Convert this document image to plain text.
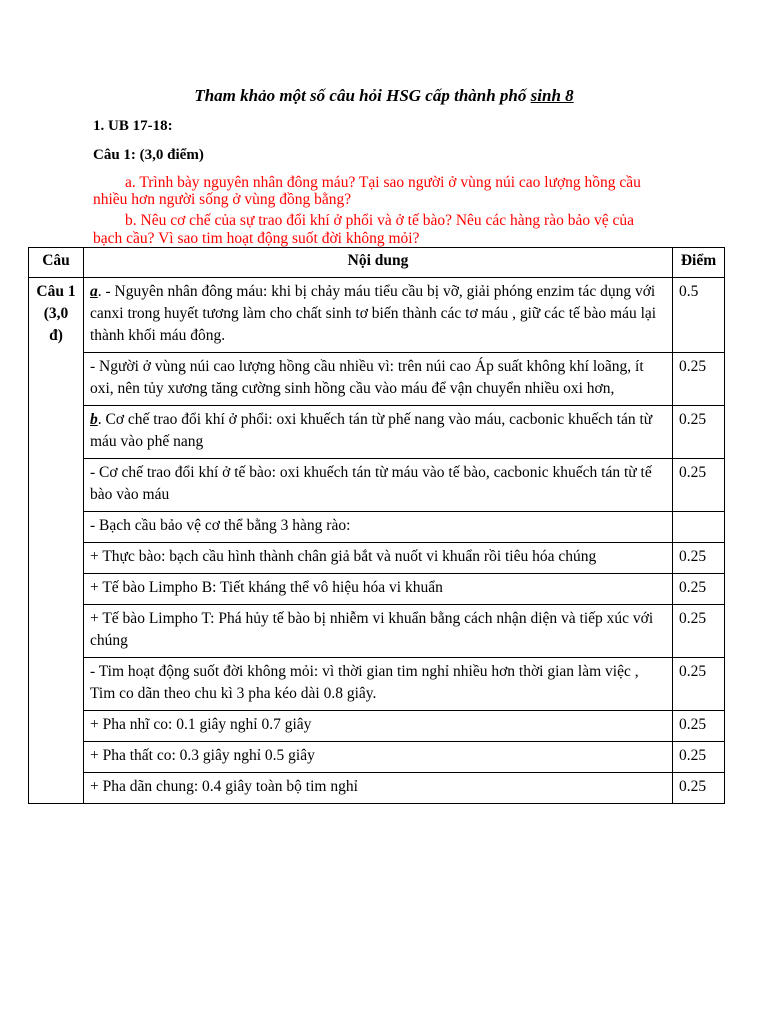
Tham khảo một số câu hỏi HSG cấp thành phố sinh 8
1. UB 17-18:
Câu 1: (3,0 điểm)
a. Trình bày nguyên nhân đông máu? Tại sao người ở vùng núi cao lượng hồng cầu
nhiều hơn người sống ở vùng đồng bằng?
b. Nêu cơ chế của sự trao đổi khí ở phổi và ở tế bào? Nêu các hàng rào bảo vệ của
bạch cầu? Vì sao tim hoạt động suốt đời không mỏi?
Câu	Nội dung	Điểm
Câu 1 (3,0 đ)	a. - Nguyên nhân đông máu: khi bị chảy máu tiểu cầu bị vỡ, giải phóng enzim tác dụng với canxi trong huyết tương làm cho chất sinh tơ biến thành các tơ máu , giữ các tế bào máu lại thành khối máu đông.	0.5
	- Người ở vùng núi cao lượng hồng cầu nhiều vì: trên núi cao Áp suất không khí loãng, ít oxi, nên tủy xương tăng cường sinh hồng cầu vào máu để vận chuyển nhiều oxi hơn,	0.25
	b. Cơ chế trao đổi khí ở phổi: oxi khuếch tán từ phế nang vào máu, cacbonic khuếch tán từ máu vào phế nang	0.25
	- Cơ chế trao đổi khí ở tế bào: oxi khuếch tán từ máu vào tế bào, cacbonic khuếch tán từ tế bào vào máu	0.25
	- Bạch cầu bảo vệ cơ thể bằng 3 hàng rào:	
	+ Thực bào: bạch cầu hình thành chân giả bắt và nuốt vi khuẩn rồi tiêu hóa chúng	0.25
	+ Tế bào Limpho B: Tiết kháng thể vô hiệu hóa vi khuẩn	0.25
	+ Tế bào Limpho T: Phá hủy tế bào bị nhiễm vi khuẩn bằng cách nhận diện và tiếp xúc với chúng	0.25
	- Tim hoạt động suốt đời không mỏi: vì thời gian tim nghỉ nhiều hơn thời gian làm việc , Tim co dãn theo chu kì 3 pha kéo dài 0.8 giây.	0.25
	+ Pha nhĩ co: 0.1 giây nghỉ 0.7 giây	0.25
	+ Pha thất co: 0.3 giây nghỉ 0.5 giây	0.25
	+ Pha dãn chung: 0.4 giây toàn bộ tim nghỉ	0.25
